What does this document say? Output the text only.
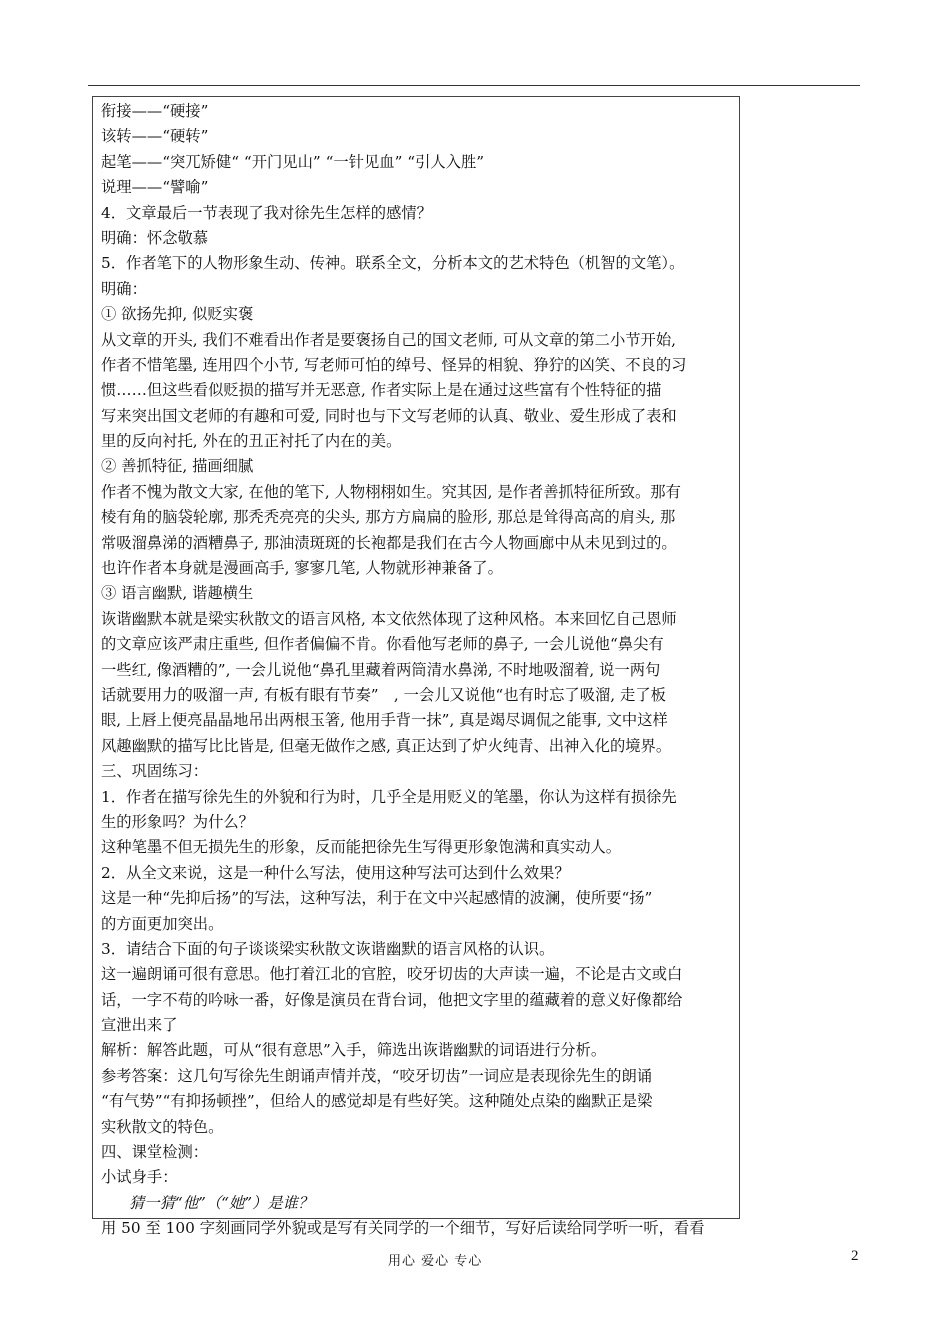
衔接——“硬接”
该转——“硬转”
起笔——“突兀矫健“ “开门见山” “一针见血” “引人入胜”
说理——“譬喻”
4．文章最后一节表现了我对徐先生怎样的感情？
明确：怀念敬慕
5．作者笔下的人物形象生动、传神。联系全文，分析本文的艺术特色（机智的文笔）。
明确：
① 欲扬先抑, 似贬实褒
从文章的开头, 我们不难看出作者是要褒扬自己的国文老师, 可从文章的第二小节开始,
作者不惜笔墨, 连用四个小节, 写老师可怕的绰号、怪异的相貌、狰狞的凶笑、不良的习
惯……但这些看似贬损的描写并无恶意, 作者实际上是在通过这些富有个性特征的描
写来突出国文老师的有趣和可爱, 同时也与下文写老师的认真、敬业、爱生形成了表和
里的反向衬托, 外在的丑正衬托了内在的美。
② 善抓特征, 描画细腻
作者不愧为散文大家, 在他的笔下, 人物栩栩如生。究其因, 是作者善抓特征所致。那有
棱有角的脑袋轮廓, 那秃秃亮亮的尖头, 那方方扁扁的脸形, 那总是耸得高高的肩头, 那
常吸溜鼻涕的酒糟鼻子, 那油渍斑斑的长袍都是我们在古今人物画廊中从未见到过的。
也许作者本身就是漫画高手, 寥寥几笔, 人物就形神兼备了。
③ 语言幽默, 谐趣横生
诙谐幽默本就是梁实秋散文的语言风格, 本文依然体现了这种风格。本来回忆自己恩师
的文章应该严肃庄重些, 但作者偏偏不肯。你看他写老师的鼻子, 一会儿说他“鼻尖有
一些红, 像酒糟的”, 一会儿说他“鼻孔里藏着两筒清水鼻涕, 不时地吸溜着, 说一两句
话就要用力的吸溜一声, 有板有眼有节奏”　, 一会儿又说他“也有时忘了吸溜, 走了板
眼, 上唇上便亮晶晶地吊出两根玉箸, 他用手背一抹”, 真是竭尽调侃之能事, 文中这样
风趣幽默的描写比比皆是, 但毫无做作之感, 真正达到了炉火纯青、出神入化的境界。
三、巩固练习：
1．作者在描写徐先生的外貌和行为时，几乎全是用贬义的笔墨，你认为这样有损徐先
生的形象吗？为什么？
这种笔墨不但无损先生的形象，反而能把徐先生写得更形象饱满和真实动人。
2．从全文来说，这是一种什么写法，使用这种写法可达到什么效果？
这是一种“先抑后扬”的写法，这种写法，利于在文中兴起感情的波澜，使所要“扬”
的方面更加突出。
3．请结合下面的句子谈谈梁实秋散文诙谐幽默的语言风格的认识。
这一遍朗诵可很有意思。他打着江北的官腔，咬牙切齿的大声读一遍，不论是古文或白
话，一字不苟的吟咏一番，好像是演员在背台词，他把文字里的蕴藏着的意义好像都给
宣泄出来了
解析：解答此题，可从“很有意思”入手，筛选出诙谐幽默的词语进行分析。
参考答案：这几句写徐先生朗诵声情并茂，“咬牙切齿”一词应是表现徐先生的朗诵
“有气势”“有抑扬顿挫”，但给人的感觉却是有些好笑。这种随处点染的幽默正是梁
实秋散文的特色。
四、课堂检测：
小试身手：
猜一猜“他”（“她”）是谁？
用 50 至 100 字刻画同学外貌或是写有关同学的一个细节，写好后读给同学听一听，看看
用心 爱心 专心	2
